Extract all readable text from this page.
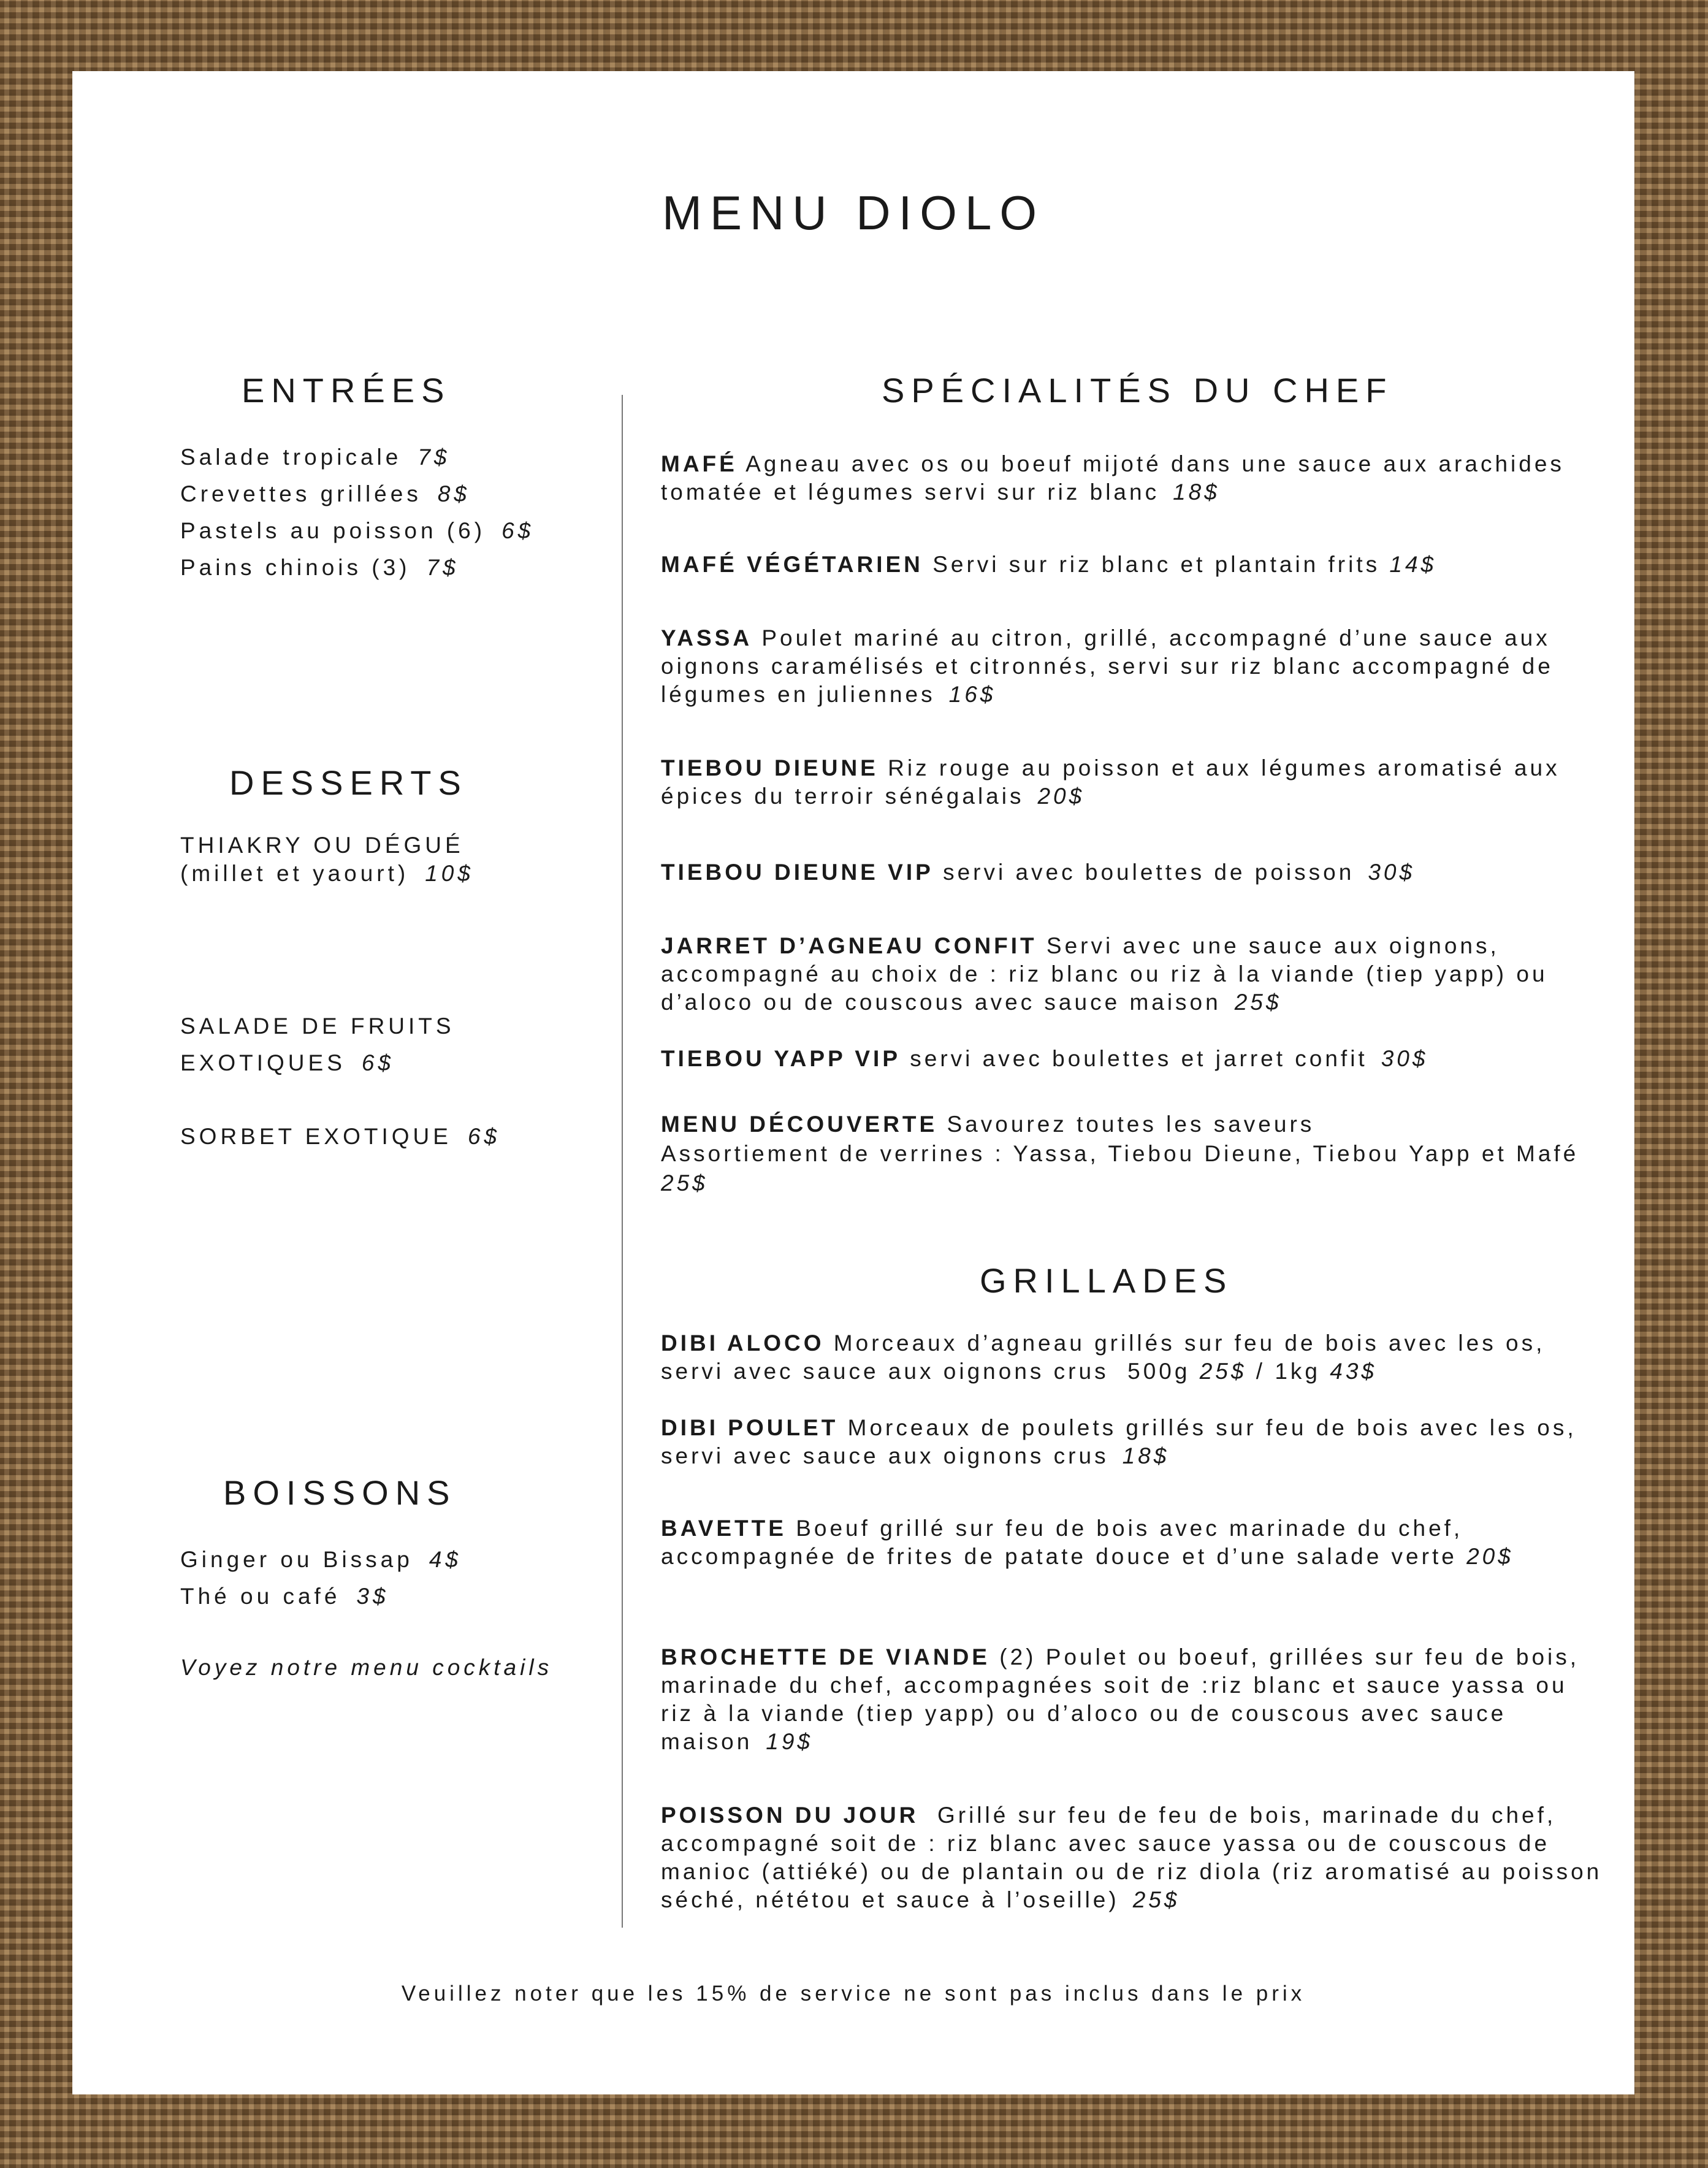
MENU DIOLO
ENTRÉES
Salade tropicale 7$
Crevettes grillées 8$
Pastels au poisson (6) 6$
Pains chinois (3) 7$
DESSERTS
THIAKRY OU DÉGUÉ
(millet et yaourt) 10$
SALADE DE FRUITS
EXOTIQUES 6$
SORBET EXOTIQUE 6$
BOISSONS
Ginger ou Bissap 4$
Thé ou café 3$
Voyez notre menu cocktails
SPÉCIALITÉS DU CHEF
MAFÉ Agneau avec os ou boeuf mijoté dans une sauce aux arachides tomatée et légumes servi sur riz blanc 18$
MAFÉ VÉGÉTARIEN Servi sur riz blanc et plantain frits 14$
YASSA Poulet mariné au citron, grillé, accompagné d’une sauce aux oignons caramélisés et citronnés, servi sur riz blanc accompagné de légumes en juliennes 16$
TIEBOU DIEUNE Riz rouge au poisson et aux légumes aromatisé aux épices du terroir sénégalais 20$
TIEBOU DIEUNE VIP servi avec boulettes de poisson 30$
JARRET D’AGNEAU CONFIT Servi avec une sauce aux oignons, accompagné au choix de : riz blanc ou riz à la viande (tiep yapp) ou d’aloco ou de couscous avec sauce maison 25$
TIEBOU YAPP VIP servi avec boulettes et jarret confit 30$
MENU DÉCOUVERTE Savourez toutes les saveurs
Assortiement de verrines : Yassa, Tiebou Dieune, Tiebou Yapp et Mafé 25$
GRILLADES
DIBI ALOCO Morceaux d’agneau grillés sur feu de bois avec les os, servi avec sauce aux oignons crus 500g 25$ / 1kg 43$
DIBI POULET Morceaux de poulets grillés sur feu de bois avec les os, servi avec sauce aux oignons crus 18$
BAVETTE Boeuf grillé sur feu de bois avec marinade du chef, accompagnée de frites de patate douce et d’une salade verte 20$
BROCHETTE DE VIANDE (2) Poulet ou boeuf, grillées sur feu de bois, marinade du chef, accompagnées soit de :riz blanc et sauce yassa ou riz à la viande (tiep yapp) ou d’aloco ou de couscous avec sauce maison 19$
POISSON DU JOUR Grillé sur feu de feu de bois, marinade du chef, accompagné soit de : riz blanc avec sauce yassa ou de couscous de manioc (attiéké) ou de plantain ou de riz diola (riz aromatisé au poisson séché, nététou et sauce à l’oseille) 25$
Veuillez noter que les 15% de service ne sont pas inclus dans le prix
